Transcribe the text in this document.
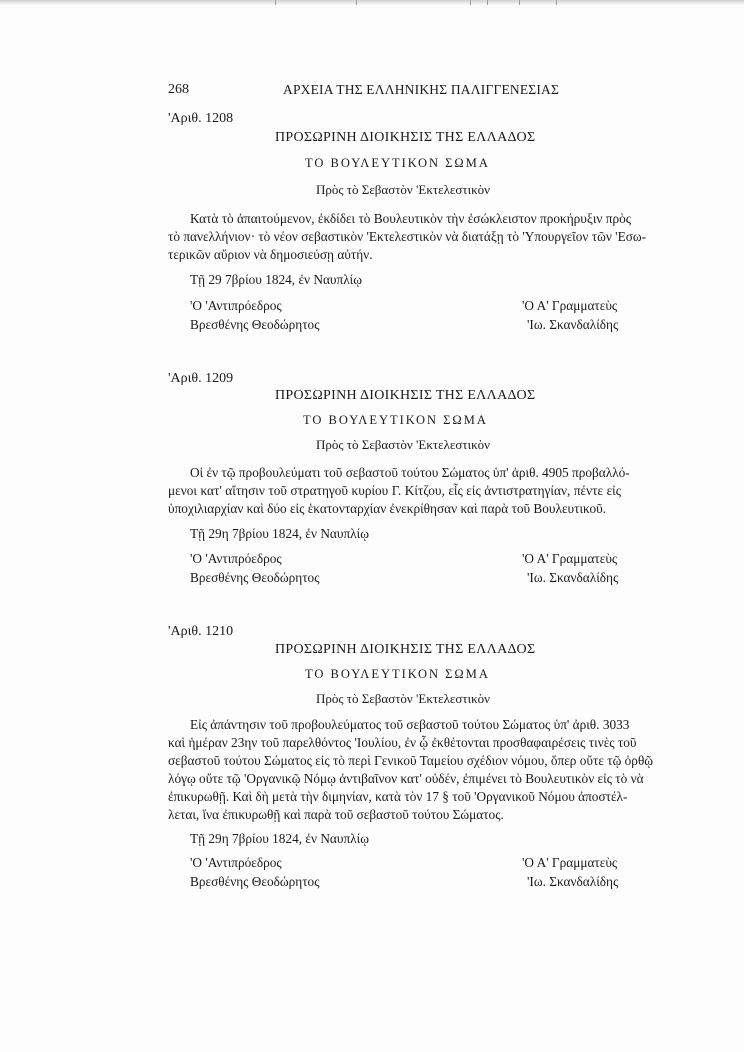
268	ΑΡΧΕΙΑ ΤΗΣ ΕΛΛΗΝΙΚΗΣ ΠΑΛΙΓΓΕΝΕΣΙΑΣ
'Αριθ. 1208
ΠΡΟΣΩΡΙΝΗ ΔΙΟΙΚΗΣΙΣ ΤΗΣ ΕΛΛΑΔΟΣ
ΤΟ ΒΟΥΛΕΥΤΙΚΟΝ ΣΩΜΑ
Πρὸς τὸ Σεβαστὸν 'Εκτελεστικὸν
Κατὰ τὸ ἀπαιτούμενον, ἐκδίδει τὸ Βουλευτικὸν τὴν ἐσώκλειστον προκήρυξιν πρὸς
τὸ πανελλήνιον· τὸ νέον σεβαστικὸν 'Εκτελεστικὸν νὰ διατάξῃ τὸ 'Υπουργεῖον τῶν 'Εσω-
τερικῶν αὔριον νὰ δημοσιεύσῃ αὐτήν.
Τῇ 29 7βρίου 1824, ἐν Ναυπλίῳ
'Ο 'Αντιπρόεδρος
Βρεσθένης Θεοδώρητος
'Ο Α' Γραμματεὺς
'Ιω. Σκανδαλίδης
'Αριθ. 1209
ΠΡΟΣΩΡΙΝΗ ΔΙΟΙΚΗΣΙΣ ΤΗΣ ΕΛΛΑΔΟΣ
ΤΟ ΒΟΥΛΕΥΤΙΚΟΝ ΣΩΜΑ
Πρὸς τὸ Σεβαστὸν 'Εκτελεστικὸν
Οἱ ἐν τῷ προβουλεύματι τοῦ σεβαστοῦ τούτου Σώματος ὑπ' ἀριθ. 4905 προβαλλό-
μενοι κατ' αἴτησιν τοῦ στρατηγοῦ κυρίου Γ. Κίτζου, εἷς εἰς ἀντιστρατηγίαν, πέντε εἰς
ὑποχιλιαρχίαν καὶ δύο εἰς ἑκατονταρχίαν ἐνεκρίθησαν καὶ παρὰ τοῦ Βουλευτικοῦ.
Τῇ 29η 7βρίου 1824, ἐν Ναυπλίῳ
'Ο 'Αντιπρόεδρος
Βρεσθένης Θεοδώρητος
'Ο Α' Γραμματεὺς
'Ιω. Σκανδαλίδης
'Αριθ. 1210
ΠΡΟΣΩΡΙΝΗ ΔΙΟΙΚΗΣΙΣ ΤΗΣ ΕΛΛΑΔΟΣ
ΤΟ ΒΟΥΛΕΥΤΙΚΟΝ ΣΩΜΑ
Πρὸς τὸ Σεβαστὸν 'Εκτελεστικὸν
Εἰς ἀπάντησιν τοῦ προβουλεύματος τοῦ σεβαστοῦ τούτου Σώματος ὑπ' ἀριθ. 3033
καὶ ἡμέραν 23ην τοῦ παρελθόντος 'Ιουλίου, ἐν ᾧ ἐκθέτονται προσθαφαιρέσεις τινὲς τοῦ
σεβαστοῦ τούτου Σώματος εἰς τὸ περὶ Γενικοῦ Ταμείου σχέδιον νόμου, ὅπερ οὔτε τῷ ὀρθῷ
λόγῳ οὔτε τῷ 'Οργανικῷ Νόμῳ ἀντιβαῖνον κατ' οὐδέν, ἐπιμένει τὸ Βουλευτικὸν εἰς τὸ νὰ
ἐπικυρωθῇ. Καὶ δὴ μετὰ τὴν διμηνίαν, κατὰ τὸν 17 § τοῦ 'Οργανικοῦ Νόμου ἀποστέλ-
λεται, ἵνα ἐπικυρωθῇ καὶ παρὰ τοῦ σεβαστοῦ τούτου Σώματος.
Τῇ 29η 7βρίου 1824, ἐν Ναυπλίῳ
'Ο 'Αντιπρόεδρος
Βρεσθένης Θεοδώρητος
'Ο Α' Γραμματεὺς
'Ιω. Σκανδαλίδης
